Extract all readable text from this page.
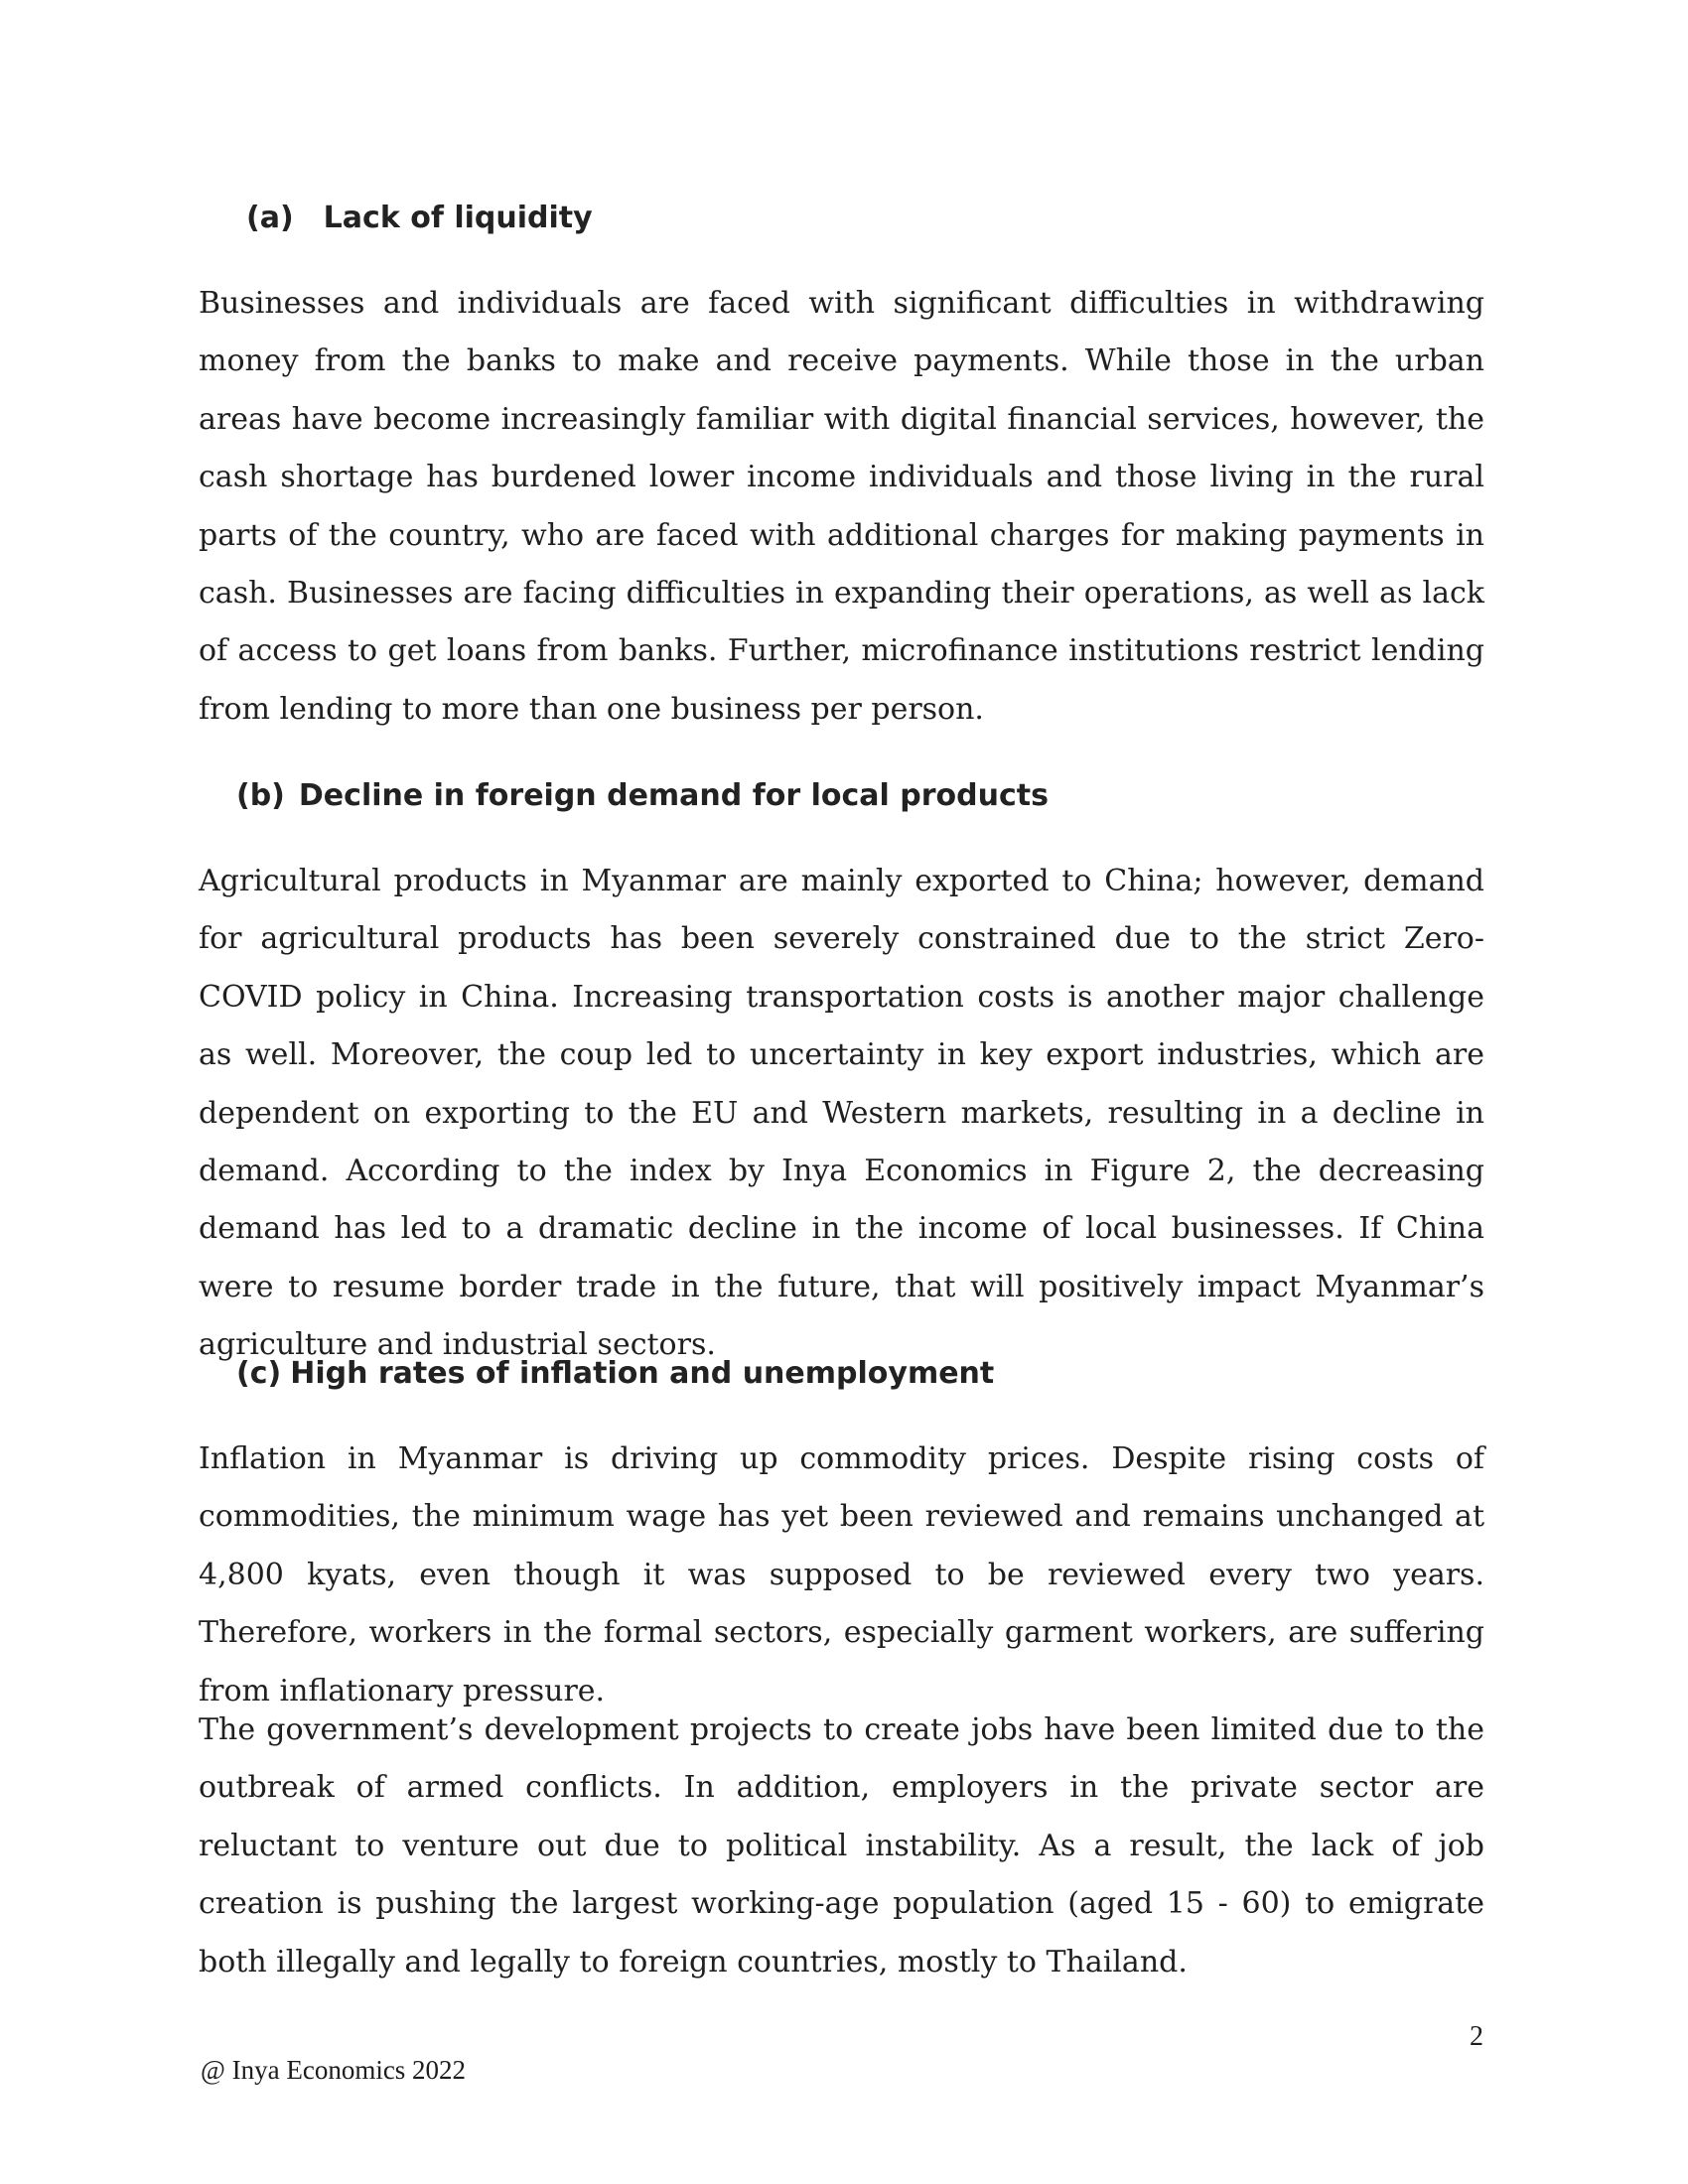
(a) Lack of liquidity

Businesses and individuals are faced with significant difficulties in withdrawing money from the banks to make and receive payments. While those in the urban areas have become increasingly familiar with digital financial services, however, the cash shortage has burdened lower income individuals and those living in the rural parts of the country, who are faced with additional charges for making payments in cash. Businesses are facing difficulties in expanding their operations, as well as lack of access to get loans from banks. Further, microfinance institutions restrict lending from lending to more than one business per person.

(b) Decline in foreign demand for local products

Agricultural products in Myanmar are mainly exported to China; however, demand for agricultural products has been severely constrained due to the strict Zero-COVID policy in China. Increasing transportation costs is another major challenge as well. Moreover, the coup led to uncertainty in key export industries, which are dependent on exporting to the EU and Western markets, resulting in a decline in demand. According to the index by Inya Economics in Figure 2, the decreasing demand has led to a dramatic decline in the income of local businesses. If China were to resume border trade in the future, that will positively impact Myanmar’s agriculture and industrial sectors.

(c) High rates of inflation and unemployment

Inflation in Myanmar is driving up commodity prices. Despite rising costs of commodities, the minimum wage has yet been reviewed and remains unchanged at 4,800 kyats, even though it was supposed to be reviewed every two years. Therefore, workers in the formal sectors, especially garment workers, are suffering from inflationary pressure.

The government’s development projects to create jobs have been limited due to the outbreak of armed conflicts. In addition, employers in the private sector are reluctant to venture out due to political instability. As a result, the lack of job creation is pushing the largest working-age population (aged 15 - 60) to emigrate both illegally and legally to foreign countries, mostly to Thailand.

2
@ Inya Economics 2022
